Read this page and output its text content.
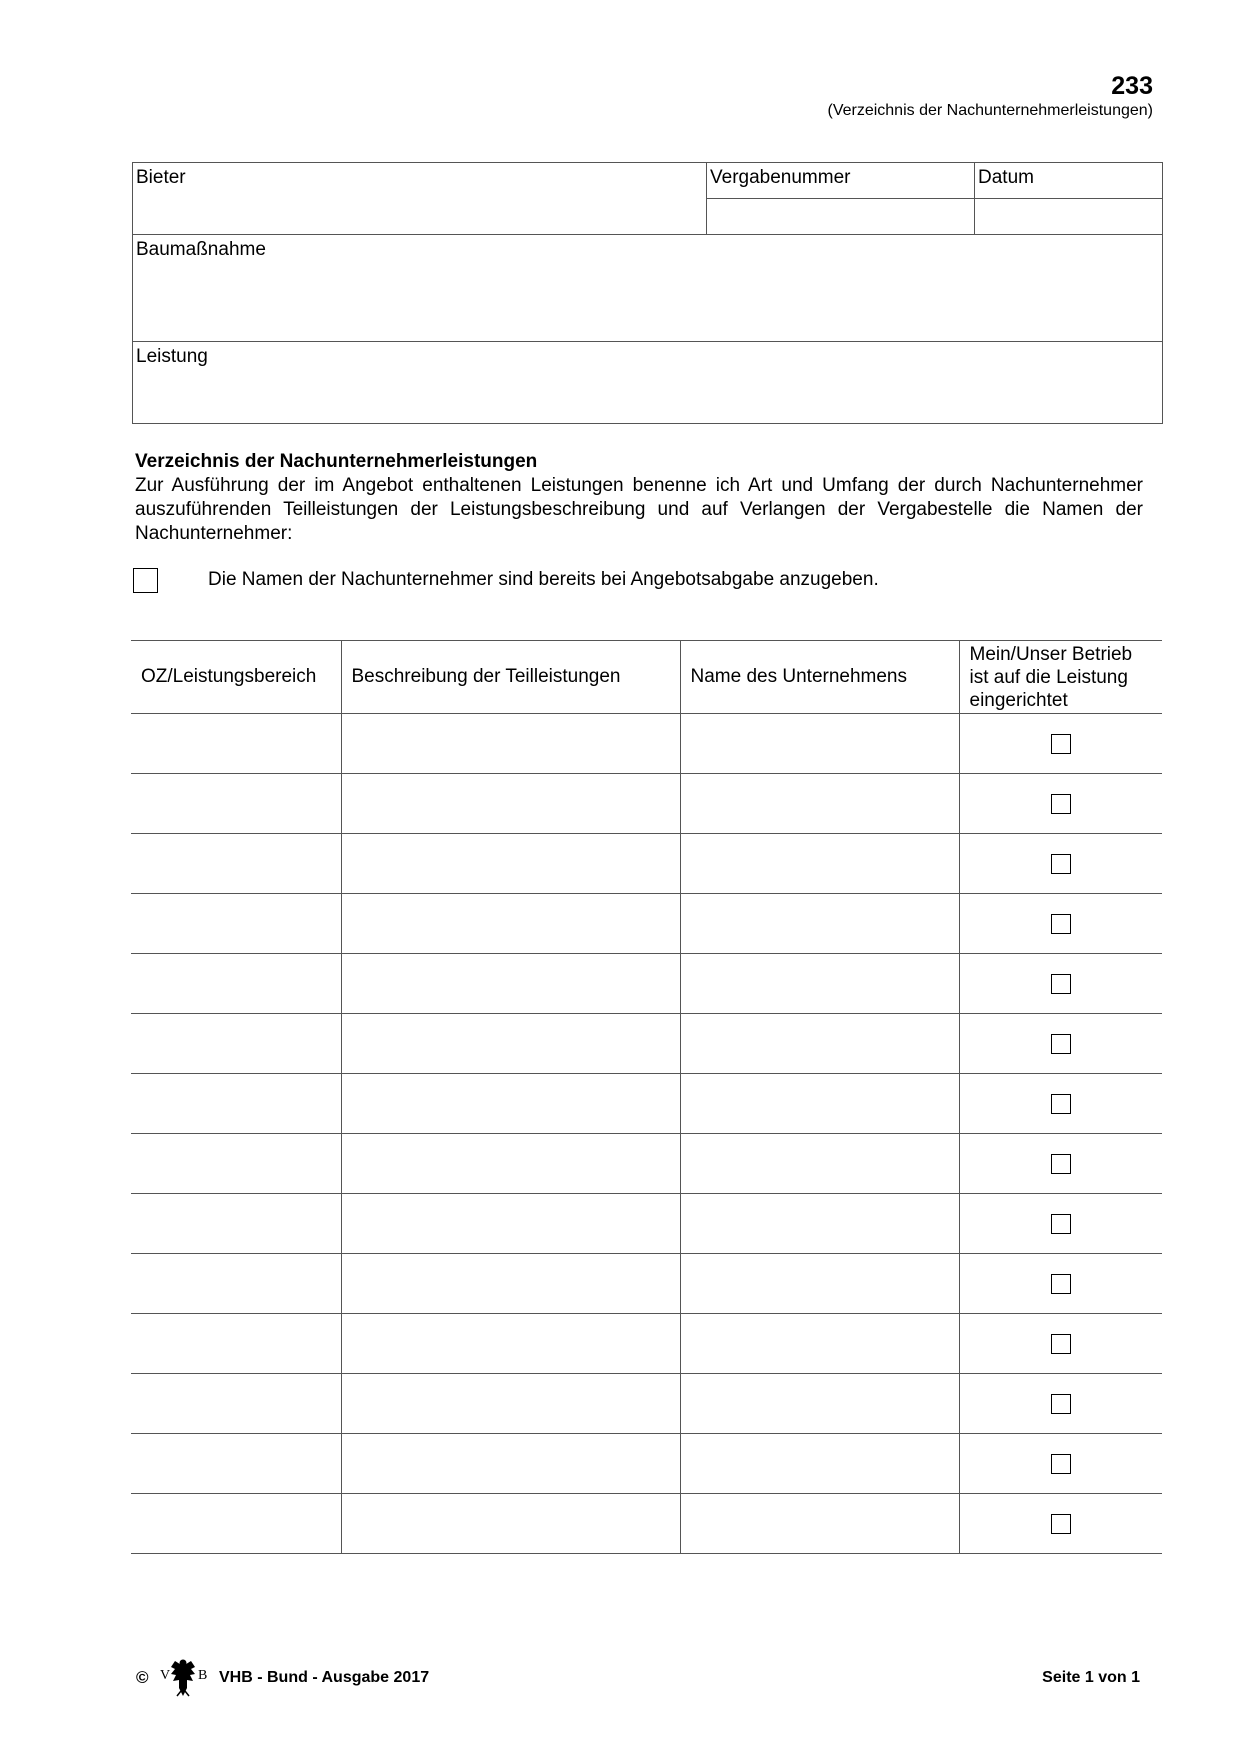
233
(Verzeichnis der Nachunternehmerleistungen)
Bieter	Vergabenummer	Datum

Baumaßnahme		
Leistung		
Verzeichnis der Nachunternehmerleistungen
Zur Ausführung der im Angebot enthaltenen Leistungen benenne ich Art und Umfang der durch Nachunternehmer auszuführenden Teilleistungen der Leistungsbeschreibung und auf Verlangen der Vergabestelle die Namen der Nachunternehmer:
Die Namen der Nachunternehmer sind bereits bei Angebotsabgabe anzugeben.
OZ/Leistungsbereich	Beschreibung der Teilleistungen	Name des Unternehmens	Mein/Unser Betrieb ist auf die Leistung eingerichtet

© V B VHB - Bund - Ausgabe 2017	Seite 1 von 1
